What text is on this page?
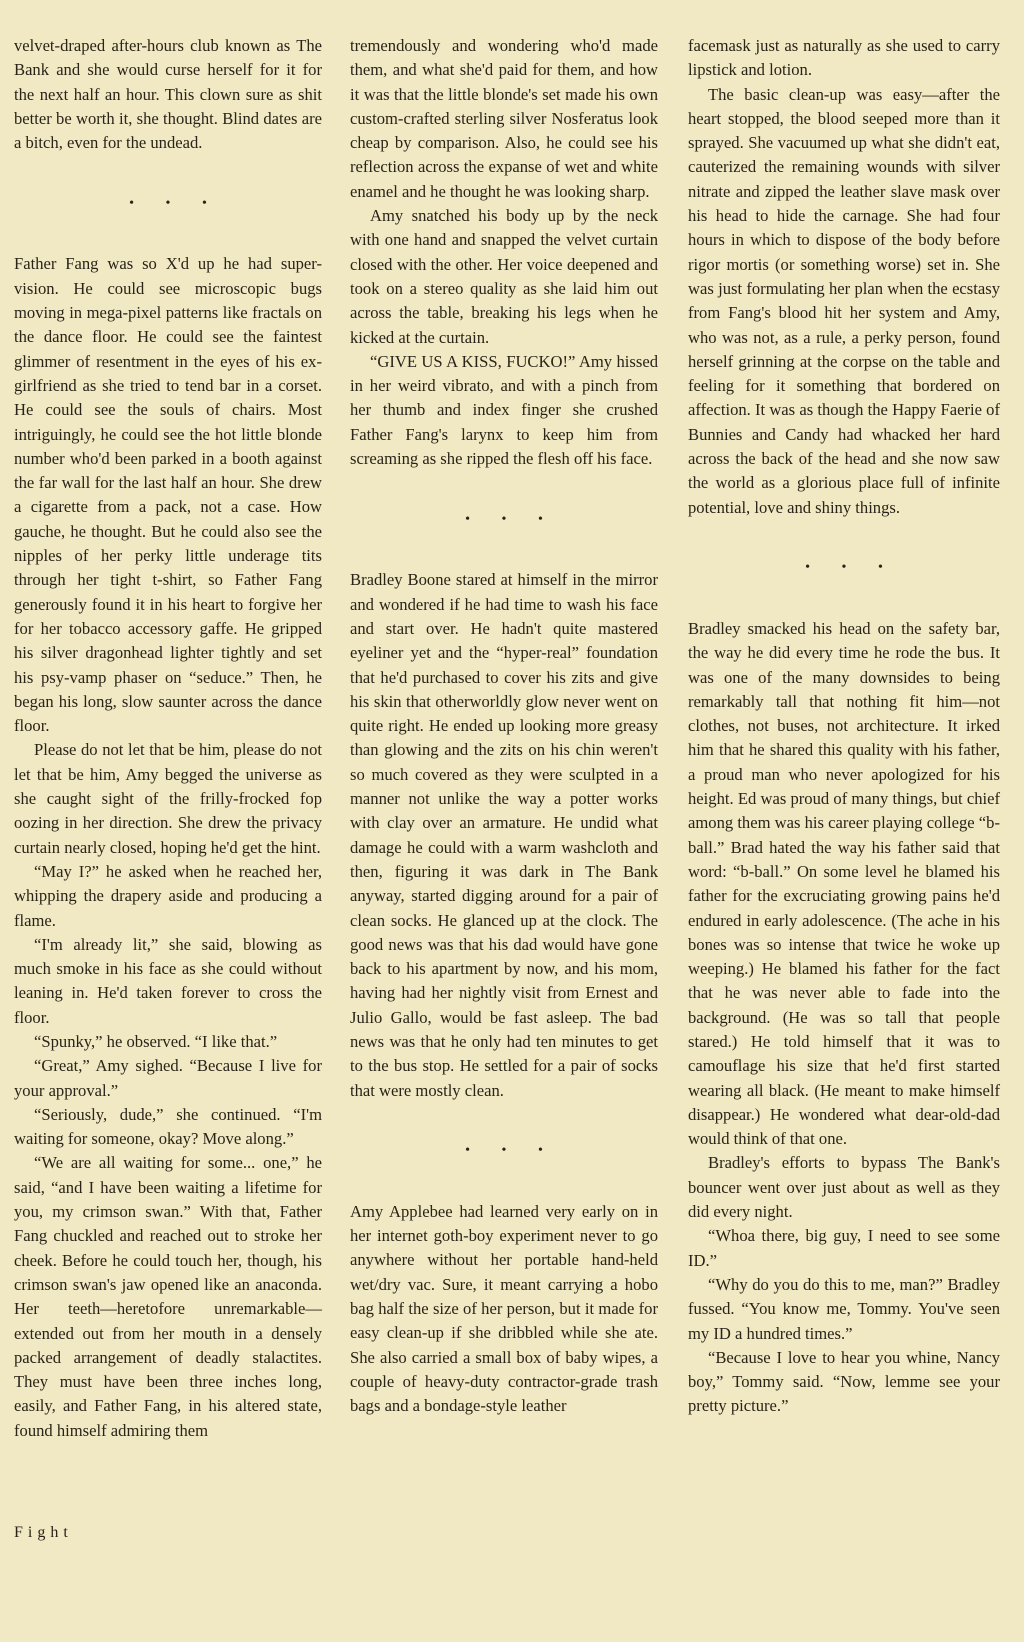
velvet-draped after-hours club known as The Bank and she would curse herself for it for the next half an hour. This clown sure as shit better be worth it, she thought. Blind dates are a bitch, even for the undead.

• • •

Father Fang was so X'd up he had super-vision. He could see microscopic bugs moving in mega-pixel patterns like fractals on the dance floor. He could see the faintest glimmer of resentment in the eyes of his ex-girlfriend as she tried to tend bar in a corset. He could see the souls of chairs. Most intriguingly, he could see the hot little blonde number who'd been parked in a booth against the far wall for the last half an hour. She drew a cigarette from a pack, not a case. How gauche, he thought. But he could also see the nipples of her perky little underage tits through her tight t-shirt, so Father Fang generously found it in his heart to forgive her for her tobacco accessory gaffe. He gripped his silver dragonhead lighter tightly and set his psy-vamp phaser on “seduce.” Then, he began his long, slow saunter across the dance floor.

Please do not let that be him, please do not let that be him, Amy begged the universe as she caught sight of the frilly-frocked fop oozing in her direction. She drew the privacy curtain nearly closed, hoping he'd get the hint.

“May I?” he asked when he reached her, whipping the drapery aside and producing a flame.

“I'm already lit,” she said, blowing as much smoke in his face as she could without leaning in. He'd taken forever to cross the floor.

“Spunky,” he observed. “I like that.”

“Great,” Amy sighed. “Because I live for your approval.”

“Seriously, dude,” she continued. “I'm waiting for someone, okay? Move along.”

“We are all waiting for some... one,” he said, “and I have been waiting a lifetime for you, my crimson swan.” With that, Father Fang chuckled and reached out to stroke her cheek. Before he could touch her, though, his crimson swan's jaw opened like an anaconda. Her teeth—heretofore unremarkable—extended out from her mouth in a densely packed arrangement of deadly stalactites. They must have been three inches long, easily, and Father Fang, in his altered state, found himself admiring them

tremendously and wondering who'd made them, and what she'd paid for them, and how it was that the little blonde's set made his own custom-crafted sterling silver Nosferatus look cheap by comparison. Also, he could see his reflection across the expanse of wet and white enamel and he thought he was looking sharp.

Amy snatched his body up by the neck with one hand and snapped the velvet curtain closed with the other. Her voice deepened and took on a stereo quality as she laid him out across the table, breaking his legs when he kicked at the curtain.

“GIVE US A KISS, FUCKO!” Amy hissed in her weird vibrato, and with a pinch from her thumb and index finger she crushed Father Fang's larynx to keep him from screaming as she ripped the flesh off his face.

• • •

Bradley Boone stared at himself in the mirror and wondered if he had time to wash his face and start over. He hadn't quite mastered eyeliner yet and the “hyper-real” foundation that he'd purchased to cover his zits and give his skin that otherworldly glow never went on quite right. He ended up looking more greasy than glowing and the zits on his chin weren't so much covered as they were sculpted in a manner not unlike the way a potter works with clay over an armature. He undid what damage he could with a warm washcloth and then, figuring it was dark in The Bank anyway, started digging around for a pair of clean socks. He glanced up at the clock. The good news was that his dad would have gone back to his apartment by now, and his mom, having had her nightly visit from Ernest and Julio Gallo, would be fast asleep. The bad news was that he only had ten minutes to get to the bus stop. He settled for a pair of socks that were mostly clean.

• • •

Amy Applebee had learned very early on in her internet goth-boy experiment never to go anywhere without her portable hand-held wet/dry vac. Sure, it meant carrying a hobo bag half the size of her person, but it made for easy clean-up if she dribbled while she ate. She also carried a small box of baby wipes, a couple of heavy-duty contractor-grade trash bags and a bondage-style leather

facemask just as naturally as she used to carry lipstick and lotion.

The basic clean-up was easy—after the heart stopped, the blood seeped more than it sprayed. She vacuumed up what she didn't eat, cauterized the remaining wounds with silver nitrate and zipped the leather slave mask over his head to hide the carnage. She had four hours in which to dispose of the body before rigor mortis (or something worse) set in. She was just formulating her plan when the ecstasy from Fang's blood hit her system and Amy, who was not, as a rule, a perky person, found herself grinning at the corpse on the table and feeling for it something that bordered on affection. It was as though the Happy Faerie of Bunnies and Candy had whacked her hard across the back of the head and she now saw the world as a glorious place full of infinite potential, love and shiny things.

• • •

Bradley smacked his head on the safety bar, the way he did every time he rode the bus. It was one of the many downsides to being remarkably tall that nothing fit him—not clothes, not buses, not architecture. It irked him that he shared this quality with his father, a proud man who never apologized for his height. Ed was proud of many things, but chief among them was his career playing college “b-ball.” Brad hated the way his father said that word: “b-ball.” On some level he blamed his father for the excruciating growing pains he'd endured in early adolescence. (The ache in his bones was so intense that twice he woke up weeping.) He blamed his father for the fact that he was never able to fade into the background. (He was so tall that people stared.) He told himself that it was to camouflage his size that he'd first started wearing all black. (He meant to make himself disappear.) He wondered what dear-old-dad would think of that one.

Bradley's efforts to bypass The Bank's bouncer went over just about as well as they did every night.

“Whoa there, big guy, I need to see some ID.”

“Why do you do this to me, man?” Bradley fussed. “You know me, Tommy. You've seen my ID a hundred times.”

“Because I love to hear you whine, Nancy boy,” Tommy said. “Now, lemme see your pretty picture.”

Fight
